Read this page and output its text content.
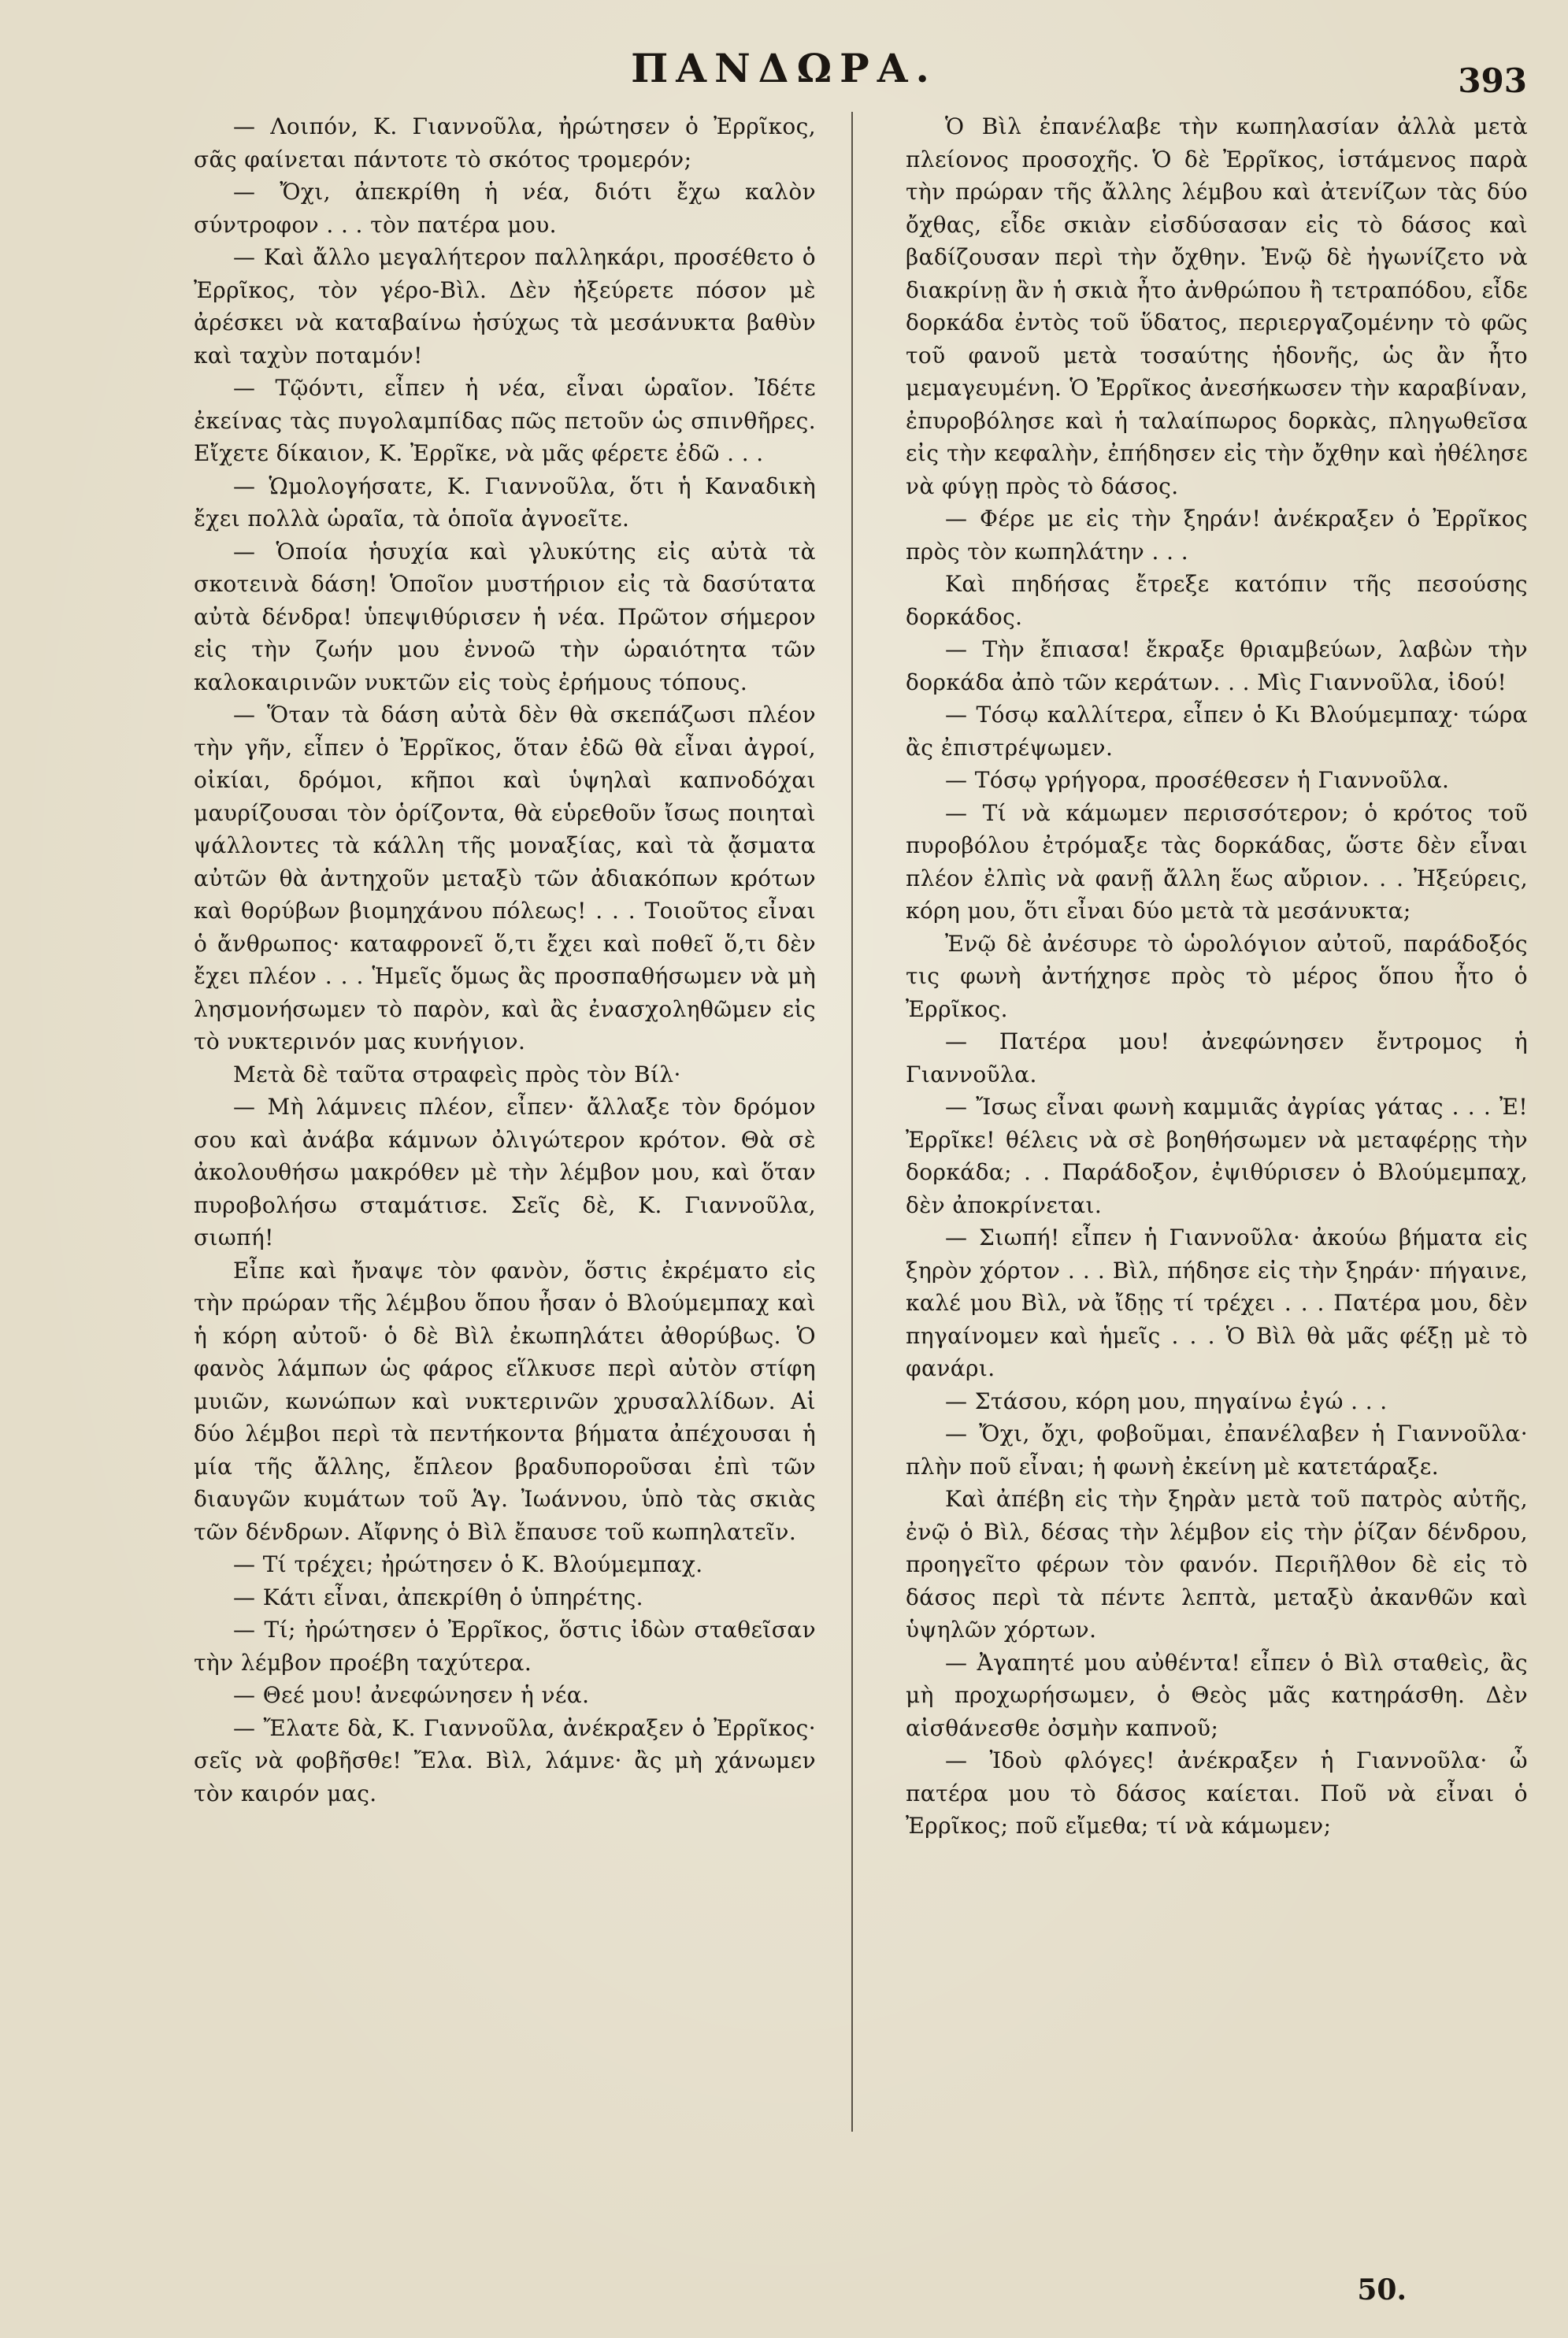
ΠΑΝΔΩΡΑ.	393

— Λοιπόν, Κ. Γιαννοῦλα, ἠρώτησεν ὁ Ἐρρῖκος, σᾶς φαίνεται πάντοτε τὸ σκότος τρομερόν;

— Ὄχι, ἀπεκρίθη ἡ νέα, διότι ἔχω καλὸν σύντροφον . . . τὸν πατέρα μου.

— Καὶ ἄλλο μεγαλήτερον παλληκάρι, προσέθετο ὁ Ἐρρῖκος, τὸν γέρο-Βὶλ. Δὲν ἠξεύρετε πόσον μὲ ἀρέσκει νὰ καταβαίνω ἡσύχως τὰ μεσάνυκτα βαθὺν καὶ ταχὺν ποταμόν!

— Τῷόντι, εἶπεν ἡ νέα, εἶναι ὡραῖον. Ἰδέτε ἐκείνας τὰς πυγολαμπίδας πῶς πετοῦν ὡς σπινθῆρες. Εἴχετε δίκαιον, Κ. Ἐρρῖκε, νὰ μᾶς φέρετε ἐδῶ . . .

— Ὡμολογήσατε, Κ. Γιαννοῦλα, ὅτι ἡ Καναδικὴ ἔχει πολλὰ ὡραῖα, τὰ ὁποῖα ἀγνοεῖτε.

— Ὁποία ἡσυχία καὶ γλυκύτης εἰς αὐτὰ τὰ σκοτεινὰ δάση! Ὁποῖον μυστήριον εἰς τὰ δασύτατα αὐτὰ δένδρα! ὑπεψιθύρισεν ἡ νέα. Πρῶτον σήμερον εἰς τὴν ζωήν μου ἐννοῶ τὴν ὡραιότητα τῶν καλοκαιρινῶν νυκτῶν εἰς τοὺς ἐρήμους τόπους.

— Ὅταν τὰ δάση αὐτὰ δὲν θὰ σκεπάζωσι πλέον τὴν γῆν, εἶπεν ὁ Ἐρρῖκος, ὅταν ἐδῶ θὰ εἶναι ἀγροί, οἰκίαι, δρόμοι, κῆποι καὶ ὑψηλαὶ καπνοδόχαι μαυρίζουσαι τὸν ὁρίζοντα, θὰ εὑρεθοῦν ἴσως ποιηταὶ ψάλλοντες τὰ κάλλη τῆς μοναξίας, καὶ τὰ ᾄσματα αὐτῶν θὰ ἀντηχοῦν μεταξὺ τῶν ἀδιακόπων κρότων καὶ θορύβων βιομηχάνου πόλεως! . . . Τοιοῦτος εἶναι ὁ ἄνθρωπος· καταφρονεῖ ὅ,τι ἔχει καὶ ποθεῖ ὅ,τι δὲν ἔχει πλέον . . . Ἡμεῖς ὅμως ἂς προσπαθήσωμεν νὰ μὴ λησμονήσωμεν τὸ παρὸν, καὶ ἂς ἐνασχοληθῶμεν εἰς τὸ νυκτερινόν μας κυνήγιον.

Μετὰ δὲ ταῦτα στραφεὶς πρὸς τὸν Βίλ·

— Μὴ λάμνεις πλέον, εἶπεν· ἄλλαξε τὸν δρόμον σου καὶ ἀνάβα κάμνων ὀλιγώτερον κρότον. Θὰ σὲ ἀκολουθήσω μακρόθεν μὲ τὴν λέμβον μου, καὶ ὅταν πυροβολήσω σταμάτισε. Σεῖς δὲ, Κ. Γιαννοῦλα, σιωπή!

Εἶπε καὶ ἤναψε τὸν φανὸν, ὅστις ἐκρέματο εἰς τὴν πρώραν τῆς λέμβου ὅπου ἦσαν ὁ Βλούμεμπαχ καὶ ἡ κόρη αὐτοῦ· ὁ δὲ Βὶλ ἐκωπηλάτει ἀθορύβως. Ὁ φανὸς λάμπων ὡς φάρος εἵλκυσε περὶ αὐτὸν στίφη μυιῶν, κωνώπων καὶ νυκτερινῶν χρυσαλλίδων. Αἱ δύο λέμβοι περὶ τὰ πεντήκοντα βήματα ἀπέχουσαι ἡ μία τῆς ἄλλης, ἔπλεον βραδυποροῦσαι ἐπὶ τῶν διαυγῶν κυμάτων τοῦ Ἁγ. Ἰωάννου, ὑπὸ τὰς σκιὰς τῶν δένδρων. Αἴφνης ὁ Βὶλ ἔπαυσε τοῦ κωπηλατεῖν.

— Τί τρέχει; ἠρώτησεν ὁ Κ. Βλούμεμπαχ.

— Κάτι εἶναι, ἀπεκρίθη ὁ ὑπηρέτης.

— Τί; ἠρώτησεν ὁ Ἐρρῖκος, ὅστις ἰδὼν σταθεῖσαν τὴν λέμβον προέβη ταχύτερα.

— Θεέ μου! ἀνεφώνησεν ἡ νέα.

— Ἔλατε δὰ, Κ. Γιαννοῦλα, ἀνέκραξεν ὁ Ἐρρῖκος· σεῖς νὰ φοβῆσθε! Ἔλα. Βὶλ, λάμνε· ἂς μὴ χάνωμεν τὸν καιρόν μας.

Ὁ Βὶλ ἐπανέλαβε τὴν κωπηλασίαν ἀλλὰ μετὰ πλείονος προσοχῆς. Ὁ δὲ Ἐρρῖκος, ἱστάμενος παρὰ τὴν πρώραν τῆς ἄλλης λέμβου καὶ ἀτενίζων τὰς δύο ὄχθας, εἶδε σκιὰν εἰσδύσασαν εἰς τὸ δάσος καὶ βαδίζουσαν περὶ τὴν ὄχθην. Ἐνῷ δὲ ἠγωνίζετο νὰ διακρίνῃ ἂν ἡ σκιὰ ἦτο ἀνθρώπου ἢ τετραπόδου, εἶδε δορκάδα ἐντὸς τοῦ ὕδατος, περιεργαζομένην τὸ φῶς τοῦ φανοῦ μετὰ τοσαύτης ἡδονῆς, ὡς ἂν ἦτο μεμαγευμένη. Ὁ Ἐρρῖκος ἀνεσήκωσεν τὴν καραβίναν, ἐπυροβόλησε καὶ ἡ ταλαίπωρος δορκὰς, πληγωθεῖσα εἰς τὴν κεφαλὴν, ἐπήδησεν εἰς τὴν ὄχθην καὶ ἠθέλησε νὰ φύγῃ πρὸς τὸ δάσος.

— Φέρε με εἰς τὴν ξηράν! ἀνέκραξεν ὁ Ἐρρῖκος πρὸς τὸν κωπηλάτην . . .

Καὶ πηδήσας ἔτρεξε κατόπιν τῆς πεσούσης δορκάδος.

— Τὴν ἔπιασα! ἔκραξε θριαμβεύων, λαβὼν τὴν δορκάδα ἀπὸ τῶν κεράτων. . . Μὶς Γιαννοῦλα, ἰδού!

— Τόσῳ καλλίτερα, εἶπεν ὁ Κι Βλούμεμπαχ· τώρα ἂς ἐπιστρέψωμεν.

— Τόσῳ γρήγορα, προσέθεσεν ἡ Γιαννοῦλα.

— Τί νὰ κάμωμεν περισσότερον; ὁ κρότος τοῦ πυροβόλου ἐτρόμαξε τὰς δορκάδας, ὥστε δὲν εἶναι πλέον ἐλπὶς νὰ φανῇ ἄλλη ἕως αὔριον. . . Ἠξεύρεις, κόρη μου, ὅτι εἶναι δύο μετὰ τὰ μεσάνυκτα;

Ἐνῷ δὲ ἀνέσυρε τὸ ὡρολόγιον αὐτοῦ, παράδοξός τις φωνὴ ἀντήχησε πρὸς τὸ μέρος ὅπου ἦτο ὁ Ἐρρῖκος.

— Πατέρα μου! ἀνεφώνησεν ἔντρομος ἡ Γιαννοῦλα.

— Ἴσως εἶναι φωνὴ καμμιᾶς ἀγρίας γάτας . . . Ἐ! Ἐρρῖκε! θέλεις νὰ σὲ βοηθήσωμεν νὰ μεταφέρῃς τὴν δορκάδα; . . Παράδοξον, ἐψιθύρισεν ὁ Βλούμεμπαχ, δὲν ἀποκρίνεται.

— Σιωπή! εἶπεν ἡ Γιαννοῦλα· ἀκούω βήματα εἰς ξηρὸν χόρτον . . . Βὶλ, πήδησε εἰς τὴν ξηράν· πήγαινε, καλέ μου Βὶλ, νὰ ἴδῃς τί τρέχει . . . Πατέρα μου, δὲν πηγαίνομεν καὶ ἡμεῖς . . . Ὁ Βὶλ θὰ μᾶς φέξῃ μὲ τὸ φανάρι.

— Στάσου, κόρη μου, πηγαίνω ἐγώ . . .

— Ὄχι, ὄχι, φοβοῦμαι, ἐπανέλαβεν ἡ Γιαννοῦλα· πλὴν ποῦ εἶναι; ἡ φωνὴ ἐκείνη μὲ κατετάραξε.

Καὶ ἀπέβη εἰς τὴν ξηρὰν μετὰ τοῦ πατρὸς αὐτῆς, ἐνῷ ὁ Βὶλ, δέσας τὴν λέμβον εἰς τὴν ῥίζαν δένδρου, προηγεῖτο φέρων τὸν φανόν. Περιῆλθον δὲ εἰς τὸ δάσος περὶ τὰ πέντε λεπτὰ, μεταξὺ ἀκανθῶν καὶ ὑψηλῶν χόρτων.

— Ἀγαπητέ μου αὐθέντα! εἶπεν ὁ Βὶλ σταθεὶς, ἂς μὴ προχωρήσωμεν, ὁ Θεὸς μᾶς κατηράσθη. Δὲν αἰσθάνεσθε ὀσμὴν καπνοῦ;

— Ἰδοὺ φλόγες! ἀνέκραξεν ἡ Γιαννοῦλα· ὦ πατέρα μου τὸ δάσος καίεται. Ποῦ νὰ εἶναι ὁ Ἐρρῖκος; ποῦ εἴμεθα; τί νὰ κάμωμεν;

50.
